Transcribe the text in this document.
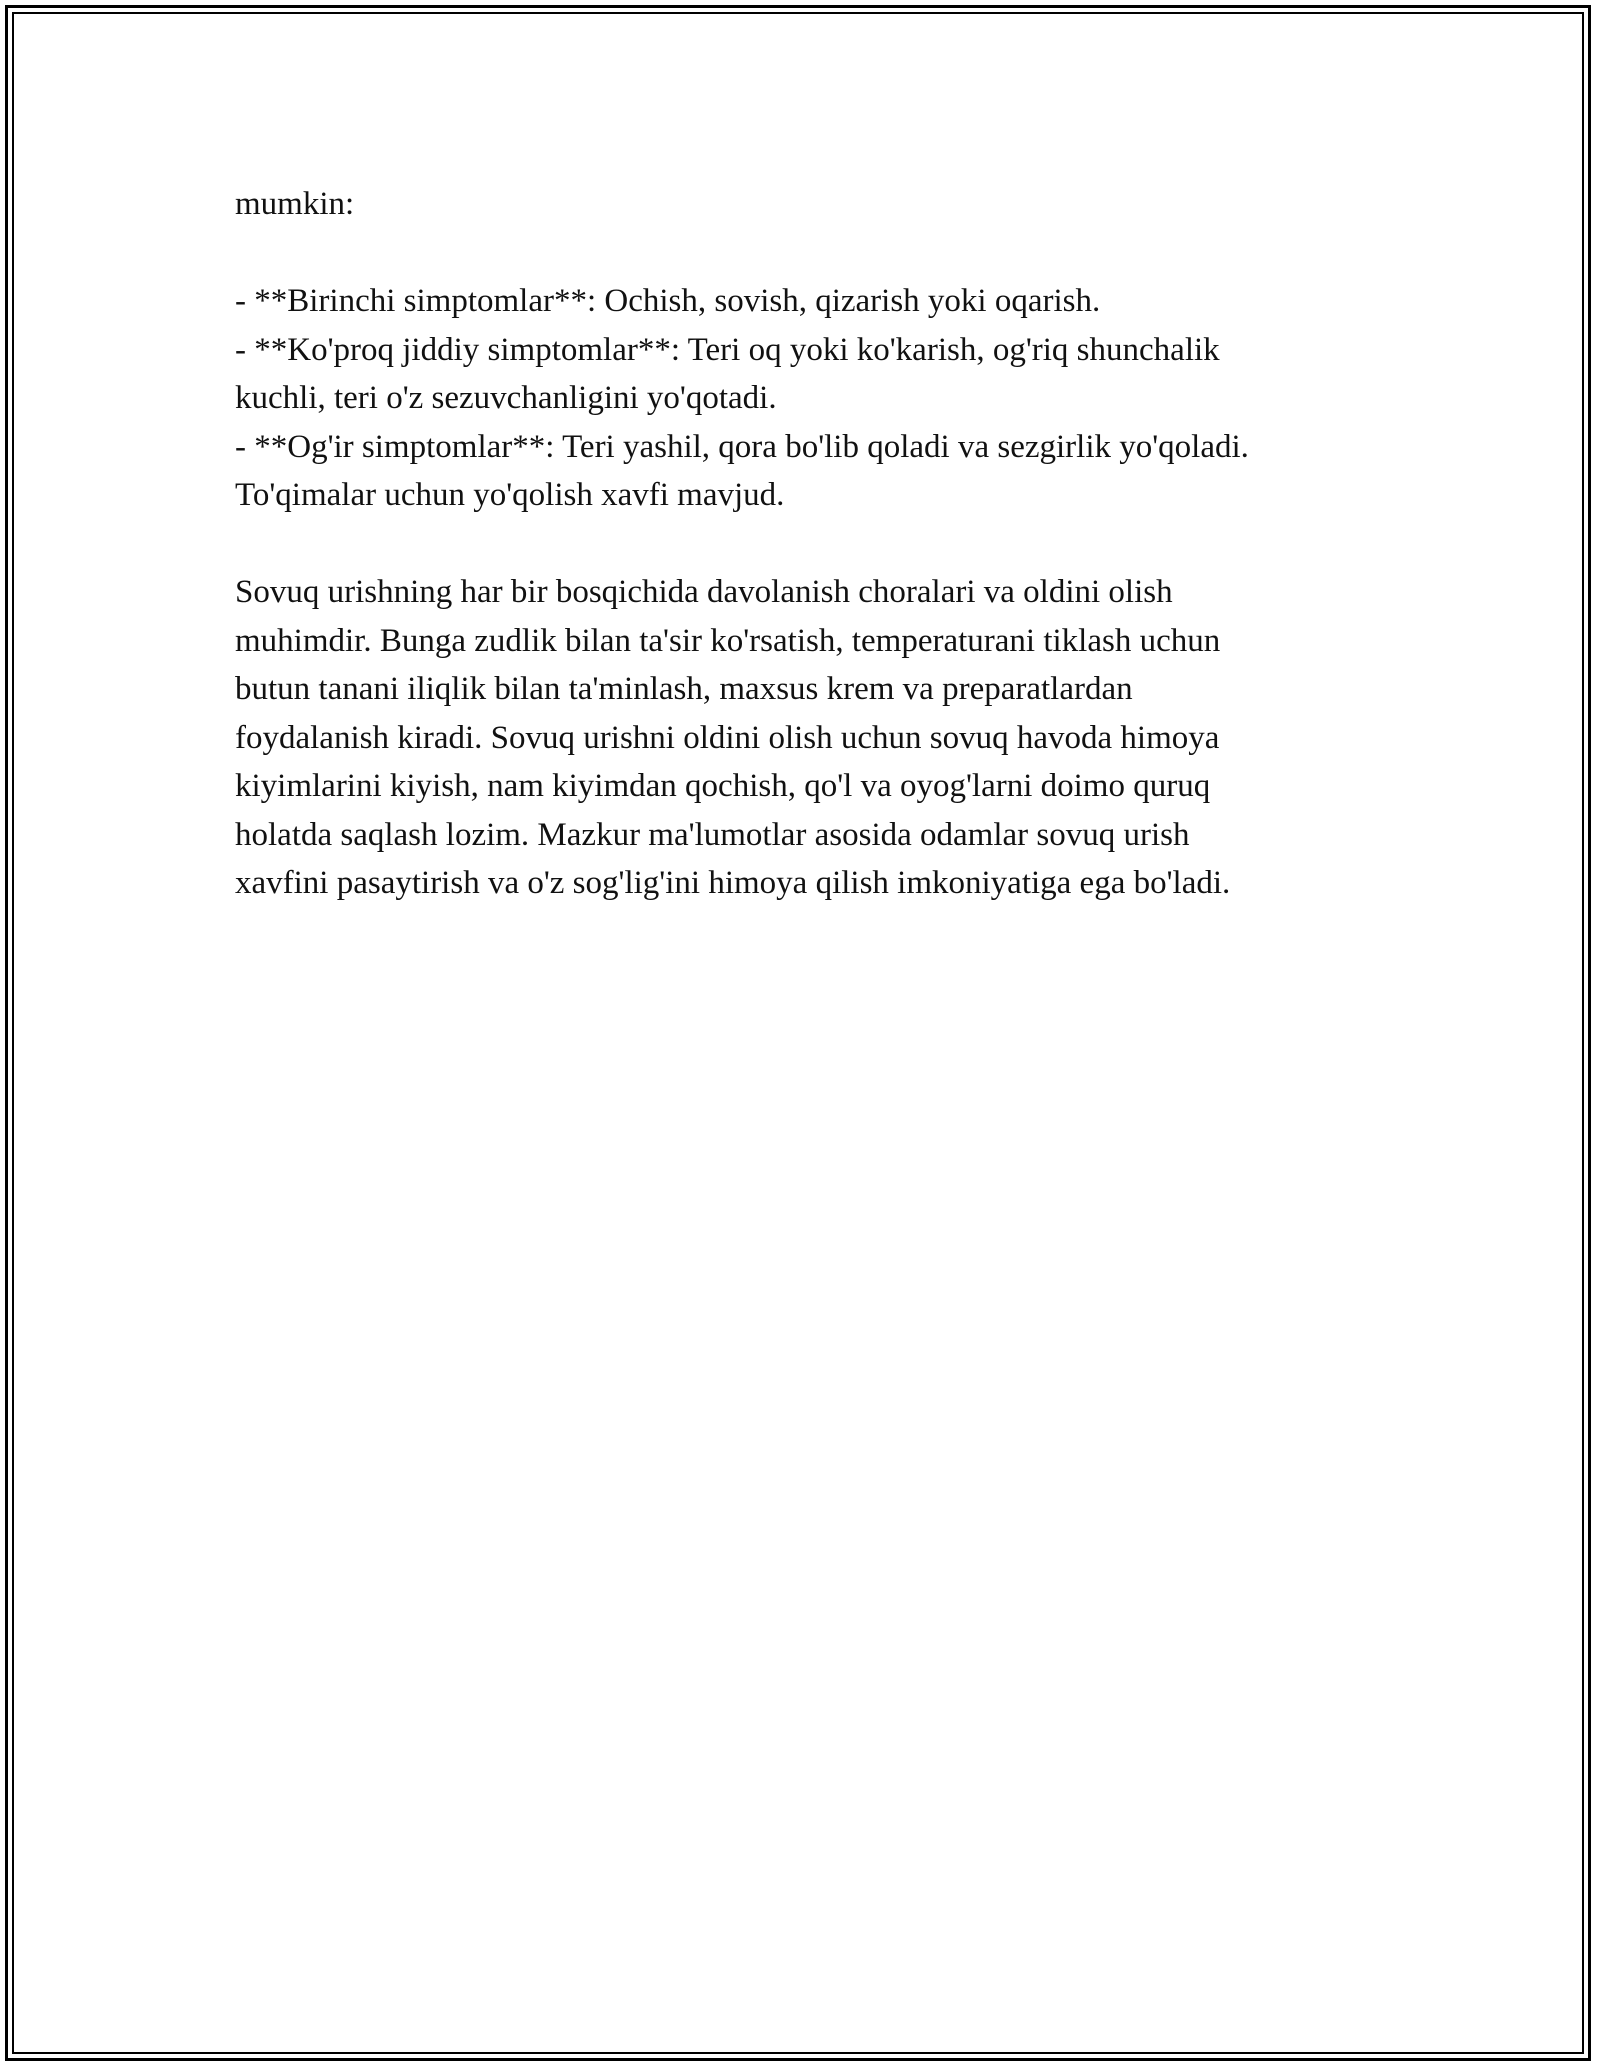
mumkin:
- **Birinchi simptomlar**: Ochish, sovish, qizarish yoki oqarish.
- **Ko'proq jiddiy simptomlar**: Teri oq yoki ko'karish, og'riq shunchalik
kuchli, teri o'z sezuvchanligini yo'qotadi.
- **Og'ir simptomlar**: Teri yashil, qora bo'lib qoladi va sezgirlik yo'qoladi.
To'qimalar uchun yo'qolish xavfi mavjud.
Sovuq urishning har bir bosqichida davolanish choralari va oldini olish
muhimdir. Bunga zudlik bilan ta'sir ko'rsatish, temperaturani tiklash uchun
butun tanani iliqlik bilan ta'minlash, maxsus krem va preparatlardan
foydalanish kiradi. Sovuq urishni oldini olish uchun sovuq havoda himoya
kiyimlarini kiyish, nam kiyimdan qochish, qo'l va oyog'larni doimo quruq
holatda saqlash lozim. Mazkur ma'lumotlar asosida odamlar sovuq urish
xavfini pasaytirish va o'z sog'lig'ini himoya qilish imkoniyatiga ega bo'ladi.
